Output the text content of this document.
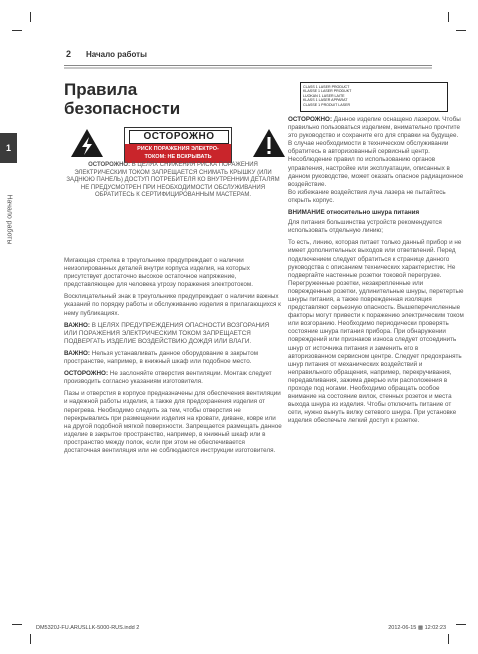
1
Начало работы
2 Начало работы
Правила
безопасности
CLASS 1 LASER PRODUCT
KLASSE 1 LASER PRODUKT
LUOKAN 1 LASER LAITE
KLASS 1 LASER APPARAT
CLASSE 1 PRODUIT LASER
ОСТОРОЖНО
РИСК ПОРАЖЕНИЯ ЭЛЕКТРО-
ТОКОМ: НЕ ВСКРЫВАТЬ
ОСТОРОЖНО: В ЦЕЛЯХ СНИЖЕНИЯ РИСКА ПОРАЖЕНИЯ ЭЛЕКТРИЧЕСКИМ ТОКОМ ЗАПРЕЩАЕТСЯ СНИМАТЬ КРЫШКУ (ИЛИ ЗАДНЮЮ ПАНЕЛЬ) ДОСТУП ПОТРЕБИТЕЛЯ КО ВНУТРЕННИМ ДЕТАЛЯМ НЕ ПРЕДУСМОТРЕН ПРИ НЕОБХОДИМОСТИ ОБСЛУЖИВАНИЯ ОБРАТИТЕСЬ К СЕРТИФИЦИРОВАННЫМ МАСТЕРАМ.

Мигающая стрелка в треугольнике предупреждает о наличии неизолированных деталей внутри корпуса изделия, на которых присутствует достаточно высокое остаточное напряжение, представляющее для человека угрозу поражения электротоком.

Восклицательный знак в треугольнике предупреждает о наличии важных указаний по порядку работы и обслуживанию изделия в прилагающихся к нему публикациях.

ВАЖНО: В ЦЕЛЯХ ПРЕДУПРЕЖДЕНИЯ ОПАСНОСТИ ВОЗГОРАНИЯ ИЛИ ПОРАЖЕНИЯ ЭЛЕКТРИЧЕСКИМ ТОКОМ ЗАПРЕЩАЕТСЯ ПОДВЕРГАТЬ ИЗДЕЛИЕ ВОЗДЕЙСТВИЮ ДОЖДЯ ИЛИ ВЛАГИ.

ВАЖНО: Нельзя устанавливать данное оборудование в закрытом пространстве, например, в книжный шкаф или подобное место.

ОСТОРОЖНО: Не заслоняйте отверстия вентиляции. Монтаж следует производить согласно указаниям изготовителя.

Пазы и отверстия в корпусе предназначены для обеспечения вентиляции и надежной работы изделия, а также для предохранения изделия от перегрева. Необходимо следить за тем, чтобы отверстия не перекрывались при размещении изделия на кровати, диване, ковре или на другой подобной мягкой поверхности. Запрещается размещать данное изделие в закрытое пространство, например, в книжный шкаф или в пространство между полок, если при этом не обеспечивается достаточная вентиляция или не соблюдаются инструкции изготовителя.

ОСТОРОЖНО: Данное изделие оснащено лазером. Чтобы правильно пользоваться изделием, внимательно прочтите это руководство и сохраните его для справки на будущее. В случае необходимости в техническом обслуживании обратитесь в авторизованный сервисный центр. Несоблюдение правил по использованию органов управления, настройке или эксплуатации, описанных в данном руководстве, может оказать опасное радиационное воздействие.

Во избежание воздействия луча лазера не пытайтесь открыть корпус.

ВНИМАНИЕ относительно шнура питания

Для питания большинства устройств рекомендуется использовать отдельную линию;

То есть, линию, которая питает только данный прибор и не имеет дополнительных выходов или ответвлений. Перед подключением следует обратиться к странице данного руководства с описанием технических характеристик. Не подвергайте настенные розетки токовой перегрузке. Перегруженные розетки, незакрепленные или поврежденные розетки, удлинительные шнуры, перетертые шнуры питания, а также поврежденная изоляция представляют серьезную опасность. Вышеперечисленные факторы могут привести к поражению электрическим током или возгоранию. Необходимо периодически проверять состояние шнура питания прибора. При обнаружении повреждений или признаков износа следует отсоединить шнур от источника питания и заменить его в авторизованном сервисном центре. Следует предохранять шнур питания от механических воздействий и неправильного обращения, например, перекручивания, передавливания, зажима дверью или расположения в проходе под ногами. Необходимо обращать особое внимание на состояние вилок, стенных розеток и места выхода шнура из изделия. Чтобы отключить питание от сети, нужно вынуть вилку сетевого шнура. При установке изделия обеспечьте легкий доступ к розетке.

DM5320J-FU.ARUSLLK-5000-RUS.indd 2	2012-06-15 ▩ 12:02:23
